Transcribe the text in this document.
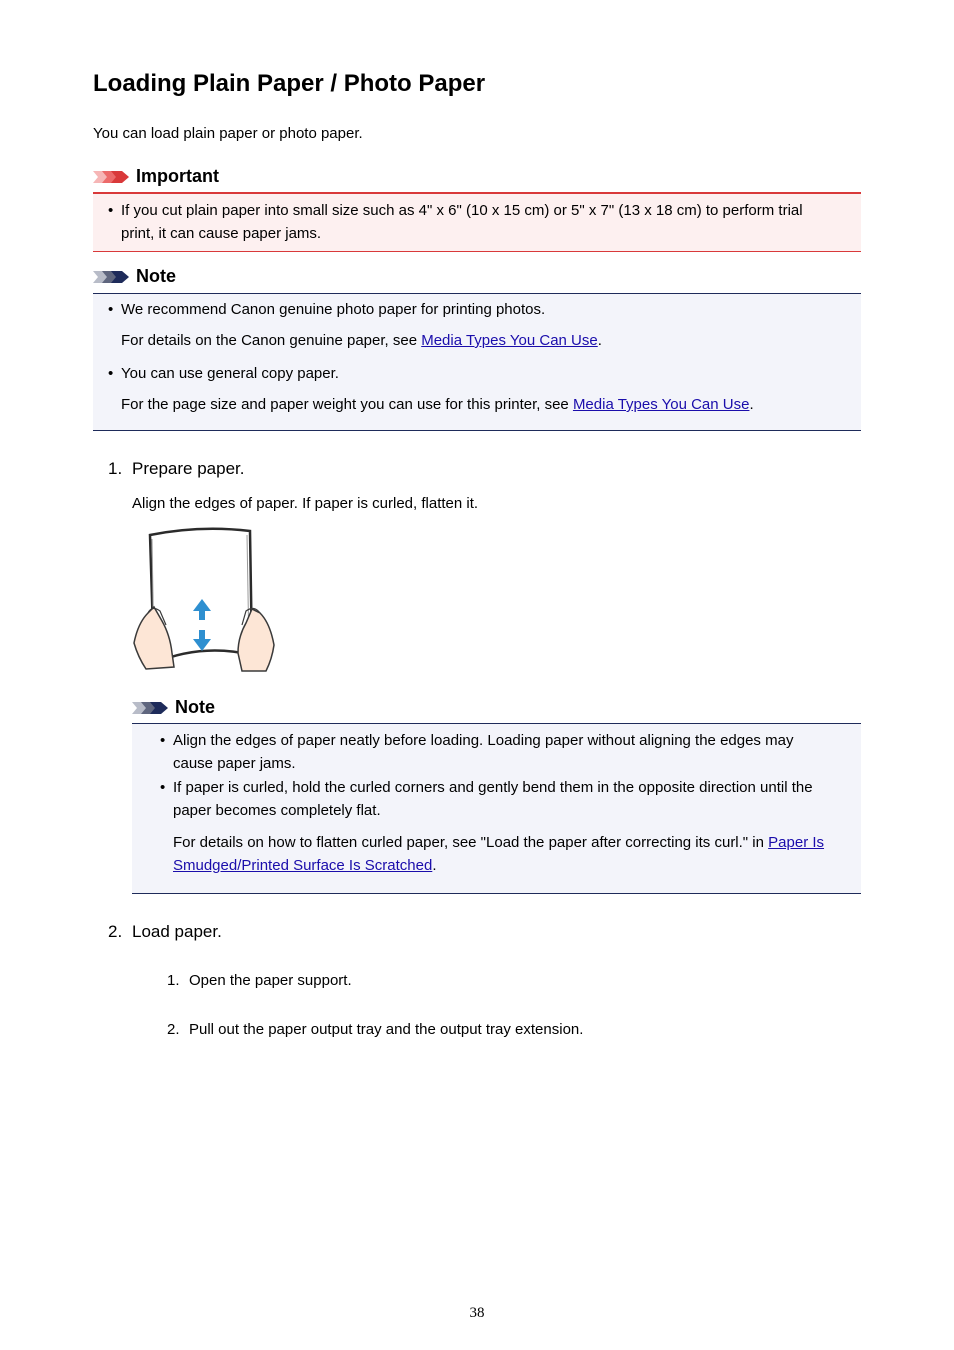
Loading Plain Paper / Photo Paper
You can load plain paper or photo paper.
Important
• If you cut plain paper into small size such as 4" x 6" (10 x 15 cm) or 5" x 7" (13 x 18 cm) to perform trial
print, it can cause paper jams.
Note
• We recommend Canon genuine photo paper for printing photos.
For details on the Canon genuine paper, see Media Types You Can Use.
• You can use general copy paper.
For the page size and paper weight you can use for this printer, see Media Types You Can Use.
1. Prepare paper.
Align the edges of paper. If paper is curled, flatten it.
Note
• Align the edges of paper neatly before loading. Loading paper without aligning the edges may
cause paper jams.
• If paper is curled, hold the curled corners and gently bend them in the opposite direction until the
paper becomes completely flat.
For details on how to flatten curled paper, see "Load the paper after correcting its curl." in Paper Is
Smudged/Printed Surface Is Scratched.
2. Load paper.
1. Open the paper support.
2. Pull out the paper output tray and the output tray extension.
38
